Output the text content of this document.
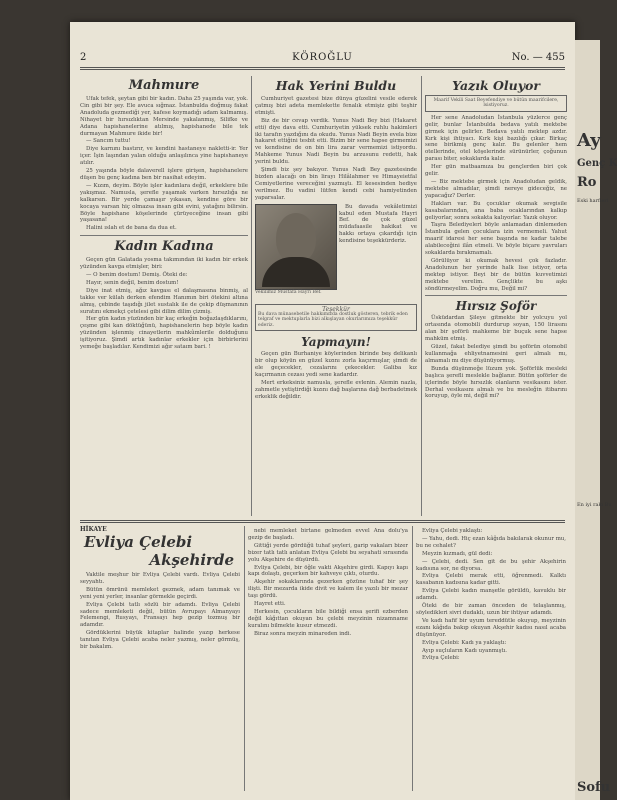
2	KÖROĞLU	No. — 455
Mahmure

Ufak tefek, şeytan gibi bir kadın. Daha 25 yaşında var, yok. Cin gibi bir şey. Ele avuca sığmaz. İstanbulda doğmuş fakat Anadoluda gezmediği yer, kafese koymadığı adam kalmamış. Nihayet bir hırsızlıktan Mersinde yakalanmış, Silifke ve Adana hapishanelerine atılmış, hapishanede bile tek durmayan Mahmure ikide bir!

— Sancım tuttu!

Diye karnını bastırır, ve kendini hastaneye nakletti-ir. Yer içer. İşin laşından yalan olduğu anlaşılınca yine hapishaneye atılır.

25 yaşında böyle dalaverell işlere girişen, hapishanelere düşen bu genç kadına ben bir nasihat edeyim.

— Kızım, deyim. Böyle işler kadınlara değil, erkeklere bile yakışmaz. Namusla, şerefle yaşamak varken hırsızlığa ne kalkarsın. Bir yerde çamaşır yıkasan, kendine göre bir kocaya varsan hiç olmazsa insan gibi evini, yatağını bilirsin. Böyle hapishane köşelerinde çürüyeceğine insan gibi yaşasana!

Halini ıslah et de bana da dua et.

Kadın Kadına

Geçen gün Galatada yosma takımından iki kadın bir erkek yüzünden kavga etmişler, biri:

— O benim dostum! Demiş. Öteki de:

Hayır, senin değil, benim dostum!

Diye inat etmiş, ağız kavgası el dalaşmasına binmiş, al takke ver külah derken efendim Hanımın biri ötekini altına almış, çebinde taşıdığı jilet sustalık ile de çekip düşmanının suratını ekmekçi çetelesi gibi dilim dilim çizmiş.

Her gün kadın yüzünden bir kaç erkeğin boğazlaşdıklarını, çeşme gibi kan döktüğünü, hapishanelerin hep böyle kadın yüzünden işlenmiş cinayetlerin mahkûmlerile dolduğunu işitiyoruz. Şimdi artık kadınlar erkekler için birbirlerini yemeğe başladılar. Kendimizi ağır sataım bari. !

Hak Yerini Buldu

Cumhuriyet gazetesi bize dünya güzelini vesile ederek çatmış bizi adeta memlekette fenalık etmişiz gibi teşhir etmişti.

Biz de bir cevap verdik. Yunus Nadi Bey bizi (Hakaret etti) diye dava etti. Cumhuriyetin yüksek ruhlu hakimleri iki tarafın yazdığını da okudu. Yunus Nadi Beyin evela bize hakaret ettiğini tesbit etti. Bizim bir sene hapse girmemizi ve kendisine de on bin lira zarar vermemizi istiyordu. Mahkeme Yunus Nadi Beyin bu arzusunu redetti, hak yerini buldu.

Şimdi biz şey bakıyor. Yunus Nadi Bey gazetesinde bizden alacağı on bin lirayı Hilâlahmer ve Himayeietfal Cemiyetlerine vereceğini yazmıştı. El kesesinden hediye verilmez. Bu vadini lütfen kendi cebi hamiyetinden yaparsalar.

Vekilimiz Mustafa Hayri Bef.

Bu davada vekâletimizi kabul eden Mustafa Hayri Bef. de çok güzel müdafaasile hakikat ve hakkı ortaya çıkardığı için kendisine teşekkürderiz.

Teşekkür
Bu dava münasebetile hakkımızda dostluk gösteren, tebrik eden telgraf ve mektuplarla bizi alkışlayan okurlarımıza teşekkür ederiz.
Yapmayın!

Geçen gün Burhaniye köylerinden birinde beş delikanlı bir olup köyün en güzel kızını zorla kaçırmışlar, şimdi de ele geçecekler, cezalarını çekecekler. Galiba kız kaçırmanın cezası yedi sene kadardır.

Mert erkeksiniz namusla, şerefle evlenin. Alemin nazla, zahmetle yetiştirdiği kızını dağ başlarına dağ berbadetmek erkeklik değildir.

Yazık Oluyor
Maarif Vekili Saat Beyefendiye ve bütün maarifcilere, lsistiyoruz.

Her sene Anadoludan İstanbula yüzlerce genç gelir, bunlar İstanbulda bedava yatılı mektebe girmek için gelirler. Bedava yatılı mektep azdır. Kırk kişi ihtiyacı. Kırk kişi bazılığı çıkar. Birkaç sene birikmiş genç kalır. Bu gelenler hem otellerinde, otel köşelerinde sürünürler, çoğunun parası biter, sokaklarda kalır.

Her gün matbaamıza bu gençlerden biri çok gelir.

— Biz mektebe girmek için Anadoludan geldik, mektebe almadılar, şimdi nereye gideceğiz, ne yapacağız? Derler.

Hakları var. Bu çocuklar okumak sevgisile kasabalarından, ana baba ocaklarından kalkıp geliyorlar, sonra sokakta kalıyorlar. Yazık oluyor.

Taşra Belediyeleri böyle anlamadan dinlemeden İstanbula gelen çocuklara izin vermemeli. Yahut maarif idaresi her sene başında ne kadar talebe alabileceğini ilân etmeli. Ve böyle biçare yavruları sokaklarda bırakmamalı.

Görülüyor ki okumak hevesi çok fazladır. Anadolunun her yerinde halk lise istiyor, orta mektep istiyor. Beyi bir de bütün kuvvetimizi mektebe verelim. Gençlikte bu aşkı söndürmeyelim. Doğru mu, Değil mi?

Hırsız Şoför

Üsküdardan Şileye gitmekte bir yolcuyu yol ortasında otomobili durdurup soyan, 150 lirasını alan bir şoförü mahkeme bir buçuk sene hapse mahküm etmiş.

Güzel, fakat belediye şimdi bu şoförün otomobil kullanmağa ehliyetnamesini geri almalı mı, almamalı mı diye düşünüyormuş.

Bunda düşünmeğe lüzum yok. Şoförlük mesleki başlıca şerefli meslekle bağlanır. Bütün şoförler de içlerinde böyle hırsızlık olanların vesikasını ister. Derhal vesikasını almalı ve bu mesleğin itibarını koruyup, öyle mi, değil mi?

HİKAYE
Evliya Çelebi
Akşehirde

Vaktile meşhur bir Evliya Çelebi vardı. Evliya Çelebi seyyahtı.

Bütün ömrünü memleket gezmek, adam tanımak ve yeni yeni yerler, insanlar görmekle geçirdi.

Evliya Çelebi tatlı sözlü bir adamdı. Evliya Çelebi sadece memleketi değil, bütün Avrupayı Almanyayı Felemengi, Rusyayı, Fransayı hep gezip tozmuş bir adamdır.

Gördüklerini büyük kitaplar halinde yazıp herkese tanıtan Evliya Çelebi acaba neler yazmış, neler görmüş, bir bakalım.

nebi memleket birtane gelmeden evvel Ana dolu'ya gezip de başladı.

Gittiği yerde gördüğü tuhaf şeyleri, garip vakaları bizer bizer tatlı tatlı anlatan Evliya Çelebi bu seyahati sırasında yolu Akşehire de düşürdü.

Evliya Çelebi, bir öğle vakti Akşehire girdi. Kapıyı kapı kapı dolaştı, geçerken bir kahveye çıktı, oturdu.

Akşehir sokaklarında gezerken gözüne tuhaf bir şey ilişti. Bir mezarda ikide divit ve kalem ile yazılı bir mezar taşı gördü.

Hayret etti.

Herkesin, çocukların bile bildiği ensa şerifi ezberden değil kâğıttan okuyan bu çelebi meyzinin nizamname kuralını bilmekte kusur etmezdi.

Biraz sonra meyzin minareden indi.

Evliya Çelebi yaklaştı:

— Yahu, dedi. Hiç ezan kâğıda bakılarak okunur mu, bu ne cehalet?

Meyzin kızmadı, gül dedi:

— Çelebi, dedi. Sen git de bu şehir Akşehirin kadısına sor, ne diyorsa.

Evliya Çelebi merak etti, öğrenmedi. Kalktı kasabanın kadısına kadar gitti.

Evliya Çelebi kadın manşetle görüldü, kavuklu bir adamdı.

Öteki de bir zaman önceden de telaşlanmış, söyledikleri sivri dudaklı, uzun bir ihtiyar adamdı.

Ve kadı hafif bir uyum tereddütle okuyup, meyzinin ezanı kâğıda bakıp okuyan Akşehir kadısı nasıl acaba düşünüyor.

Evliya Çelebi: Kadı ya yaklaştı:

Ayıp suçluların Kadı uyanmıştı.

Evliya Çelebi:

Ay
Genç K
Ro
Eski harflerl
En iyi rakı Bu
Sofu
